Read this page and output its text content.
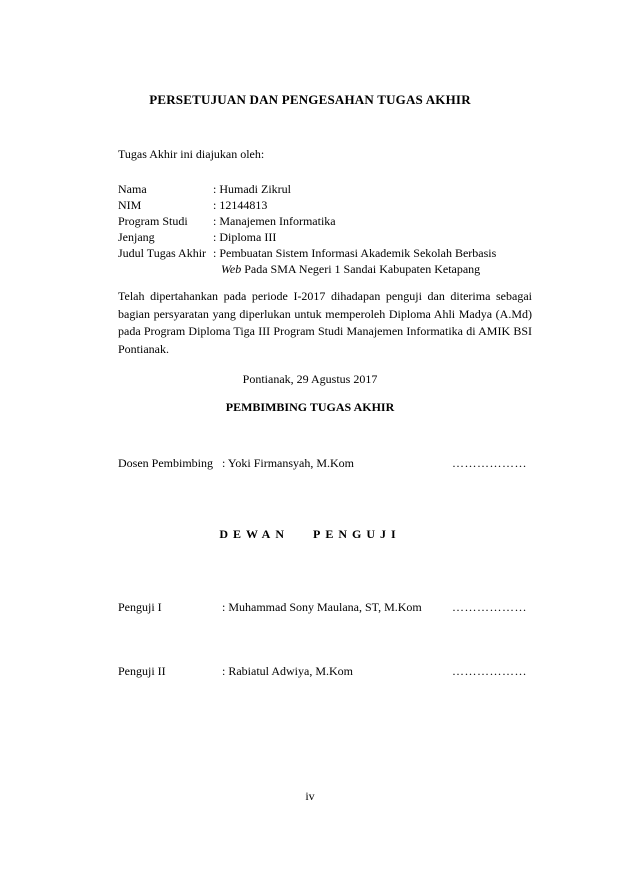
PERSETUJUAN DAN PENGESAHAN TUGAS AKHIR
Tugas Akhir ini diajukan oleh:
Nama	: Humadi Zikrul
NIM	: 12144813
Program Studi : Manajemen Informatika
Jenjang	: Diploma III
Judul Tugas Akhir : Pembuatan Sistem Informasi Akademik Sekolah Berbasis
Web Pada SMA Negeri 1 Sandai Kabupaten Ketapang
Telah dipertahankan pada periode I-2017 dihadapan penguji dan diterima sebagai bagian persyaratan yang diperlukan untuk memperoleh Diploma Ahli Madya (A.Md) pada Program Diploma Tiga III Program Studi Manajemen Informatika di AMIK BSI Pontianak.
Pontianak, 29 Agustus 2017
PEMBIMBING TUGAS AKHIR
Dosen Pembimbing : Yoki Firmansyah, M.Kom	………………
DEWAN   PENGUJI
Penguji I	: Muhammad Sony Maulana, ST, M.Kom	………………
Penguji II	: Rabiatul Adwiya, M.Kom	………………
iv
